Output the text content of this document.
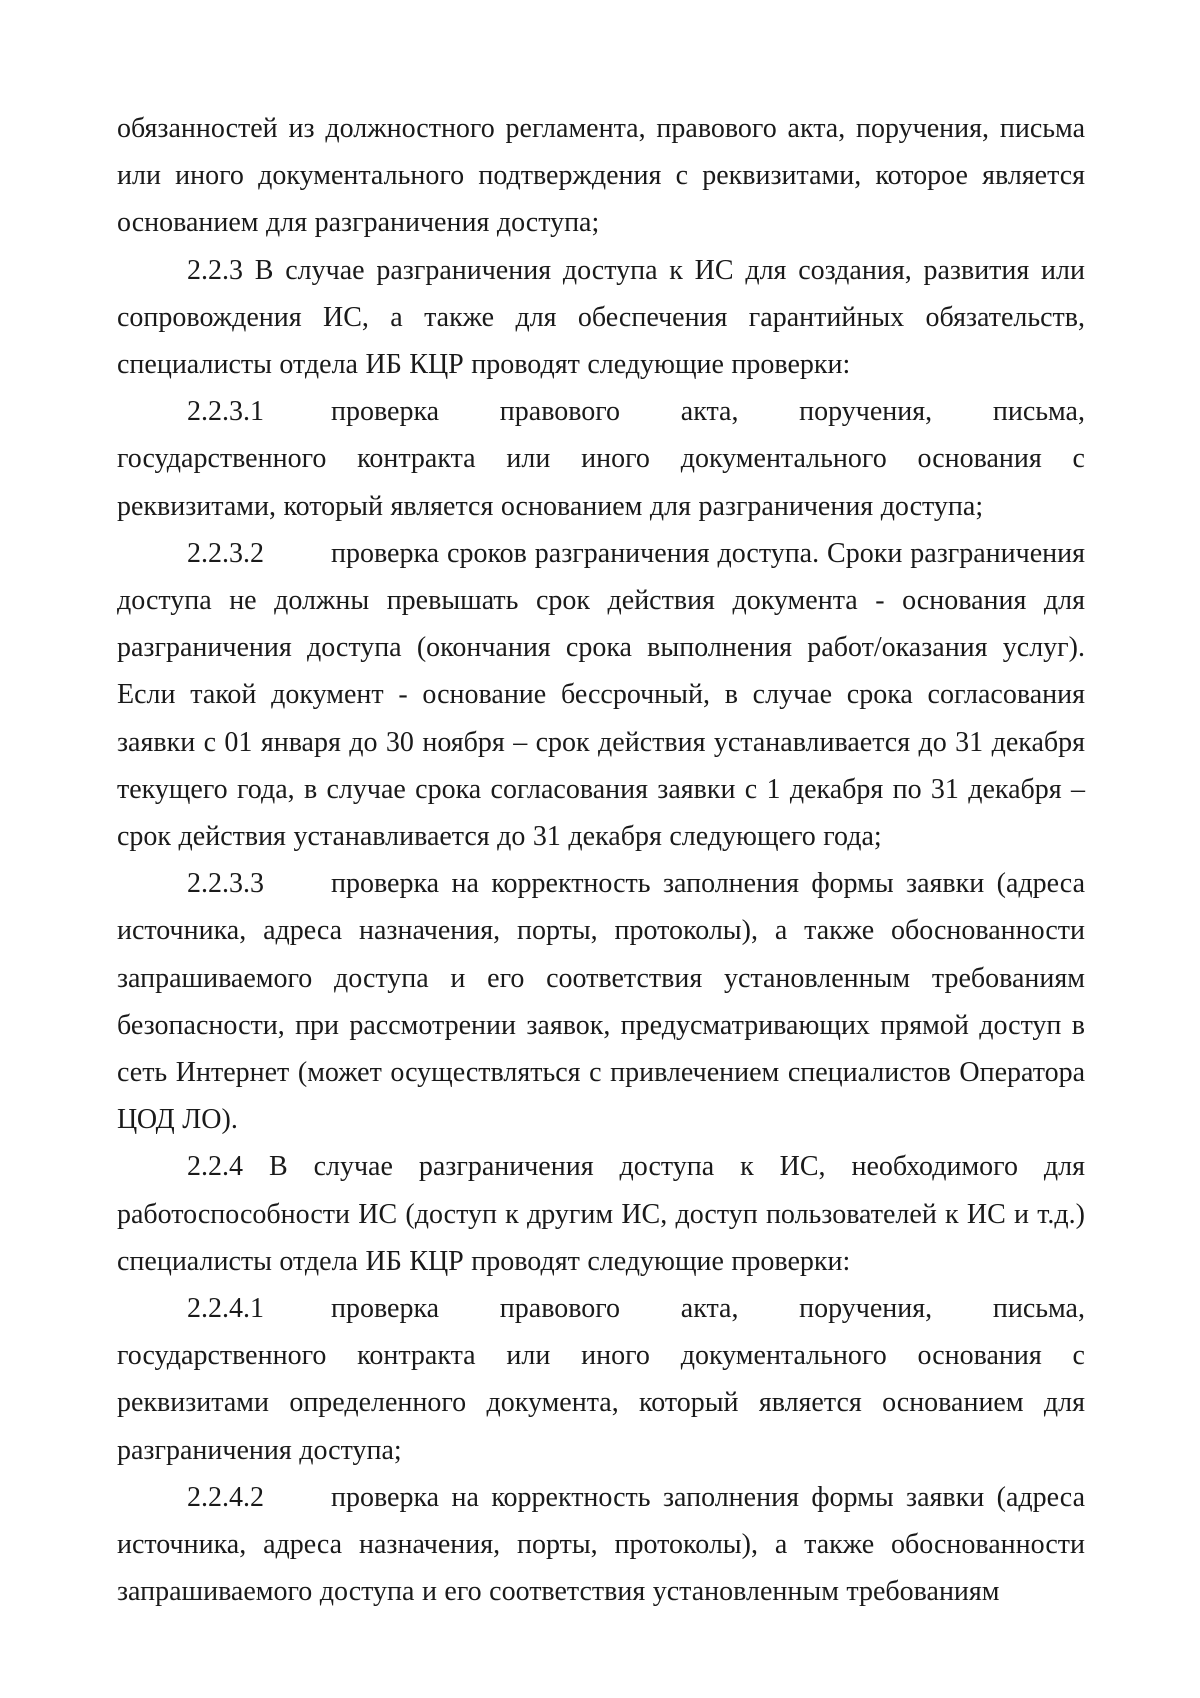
обязанностей из должностного регламента, правового акта, поручения, письма или иного документального подтверждения с реквизитами, которое является основанием для разграничения доступа;

2.2.3 В случае разграничения доступа к ИС для создания, развития или сопровождения ИС, а также для обеспечения гарантийных обязательств, специалисты отдела ИБ КЦР проводят следующие проверки:

2.2.3.1 проверка правового акта, поручения, письма, государственного контракта или иного документального основания с реквизитами, который является основанием для разграничения доступа;

2.2.3.2 проверка сроков разграничения доступа. Сроки разграничения доступа не должны превышать срок действия документа - основания для разграничения доступа (окончания срока выполнения работ/оказания услуг). Если такой документ - основание бессрочный, в случае срока согласования заявки с 01 января до 30 ноября – срок действия устанавливается до 31 декабря текущего года, в случае срока согласования заявки с 1 декабря по 31 декабря – срок действия устанавливается до 31 декабря следующего года;

2.2.3.3 проверка на корректность заполнения формы заявки (адреса источника, адреса назначения, порты, протоколы), а также обоснованности запрашиваемого доступа и его соответствия установленным требованиям безопасности, при рассмотрении заявок, предусматривающих прямой доступ в сеть Интернет (может осуществляться с привлечением специалистов Оператора ЦОД ЛО).

2.2.4 В случае разграничения доступа к ИС, необходимого для работоспособности ИС (доступ к другим ИС, доступ пользователей к ИС и т.д.) специалисты отдела ИБ КЦР проводят следующие проверки:

2.2.4.1 проверка правового акта, поручения, письма, государственного контракта или иного документального основания с реквизитами определенного документа, который является основанием для разграничения доступа;

2.2.4.2 проверка на корректность заполнения формы заявки (адреса источника, адреса назначения, порты, протоколы), а также обоснованности запрашиваемого доступа и его соответствия установленным требованиям
